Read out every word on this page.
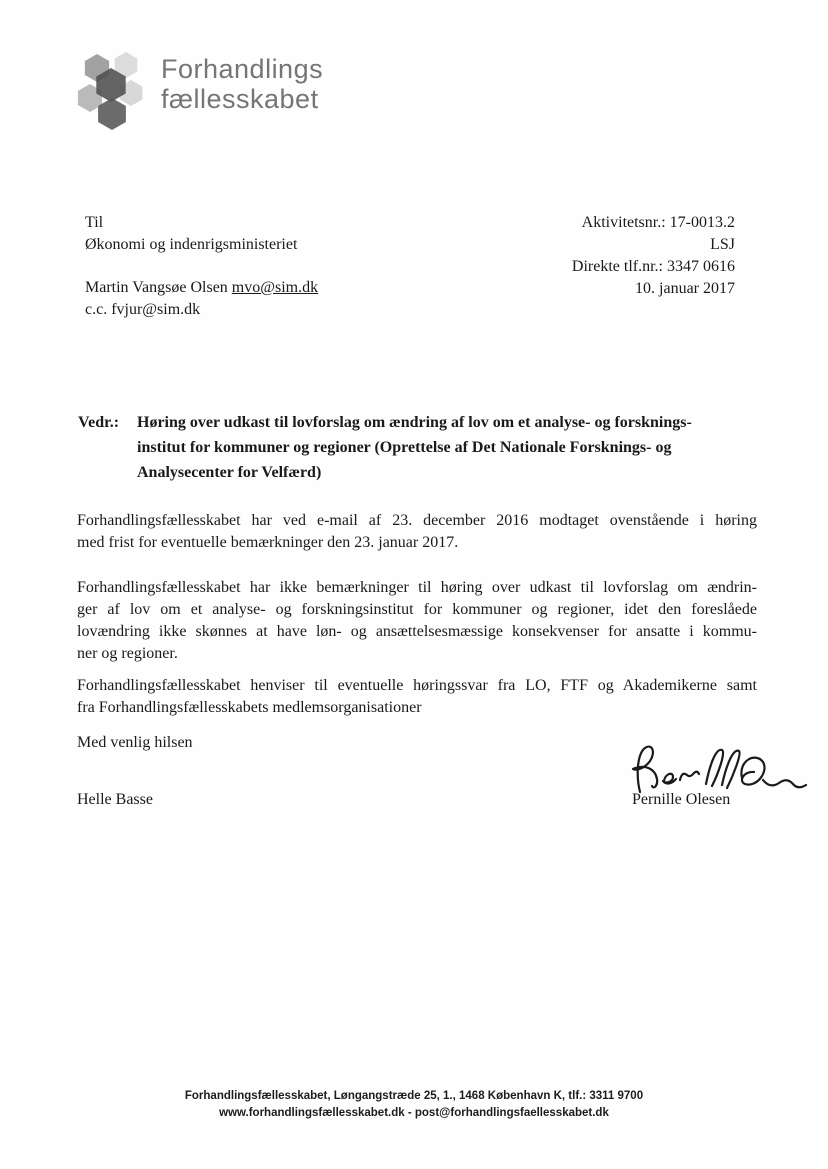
Forhandlings
fællesskabet
Til
Økonomi og indenrigsministeriet
Martin Vangsøe Olsen mvo@sim.dk
c.c. fvjur@sim.dk
Aktivitetsnr.: 17-0013.2
LSJ
Direkte tlf.nr.: 3347 0616
10. januar 2017
Vedr.:	Høring over udkast til lovforslag om ændring af lov om et analyse- og forsknings-
institut for kommuner og regioner (Oprettelse af Det Nationale Forsknings- og
Analysecenter for Velfærd)
Forhandlingsfællesskabet har ved e-mail af 23. december 2016 modtaget ovenstående i høring
med frist for eventuelle bemærkninger den 23. januar 2017.
Forhandlingsfællesskabet har ikke bemærkninger til høring over udkast til lovforslag om ændrin-
ger af lov om et analyse- og forskningsinstitut for kommuner og regioner, idet den foreslåede
lovændring ikke skønnes at have løn- og ansættelsesmæssige konsekvenser for ansatte i kommu-
ner og regioner.
Forhandlingsfællesskabet henviser til eventuelle høringssvar fra LO, FTF og Akademikerne samt
fra Forhandlingsfællesskabets medlemsorganisationer
Med venlig hilsen
Helle Basse	Pernille Olesen
Forhandlingsfællesskabet, Løngangstræde 25, 1., 1468 København K, tlf.: 3311 9700
www.forhandlingsfællesskabet.dk - post@forhandlingsfaellesskabet.dk
